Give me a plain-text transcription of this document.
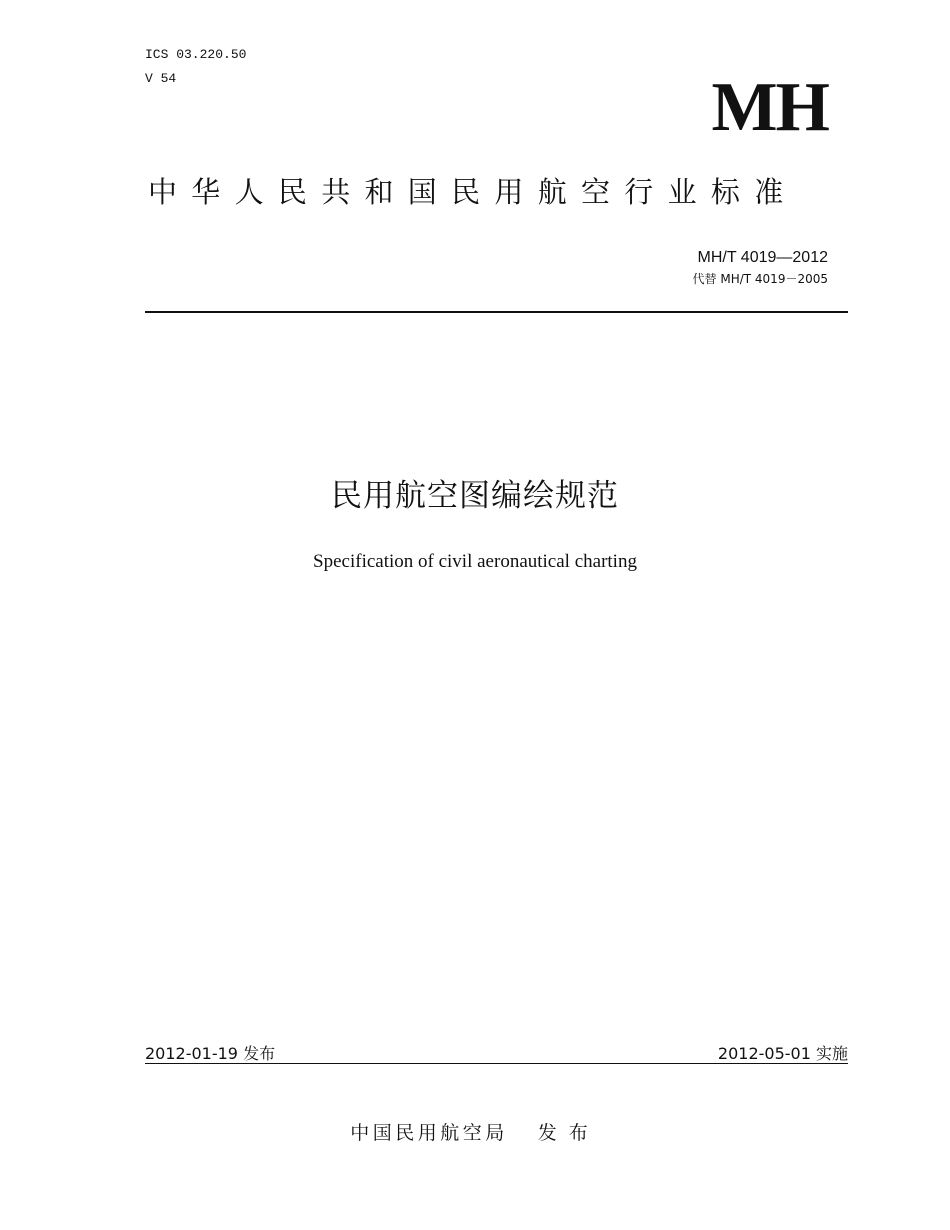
ICS 03.220.50
V 54	MH
中华人民共和国民用航空行业标准
MH/T 4019—2012
代替 MH/T 4019－2005
民用航空图编绘规范
Specification of civil aeronautical charting
2012-01-19 发布	2012-05-01 实施
中国民用航空局 发布
